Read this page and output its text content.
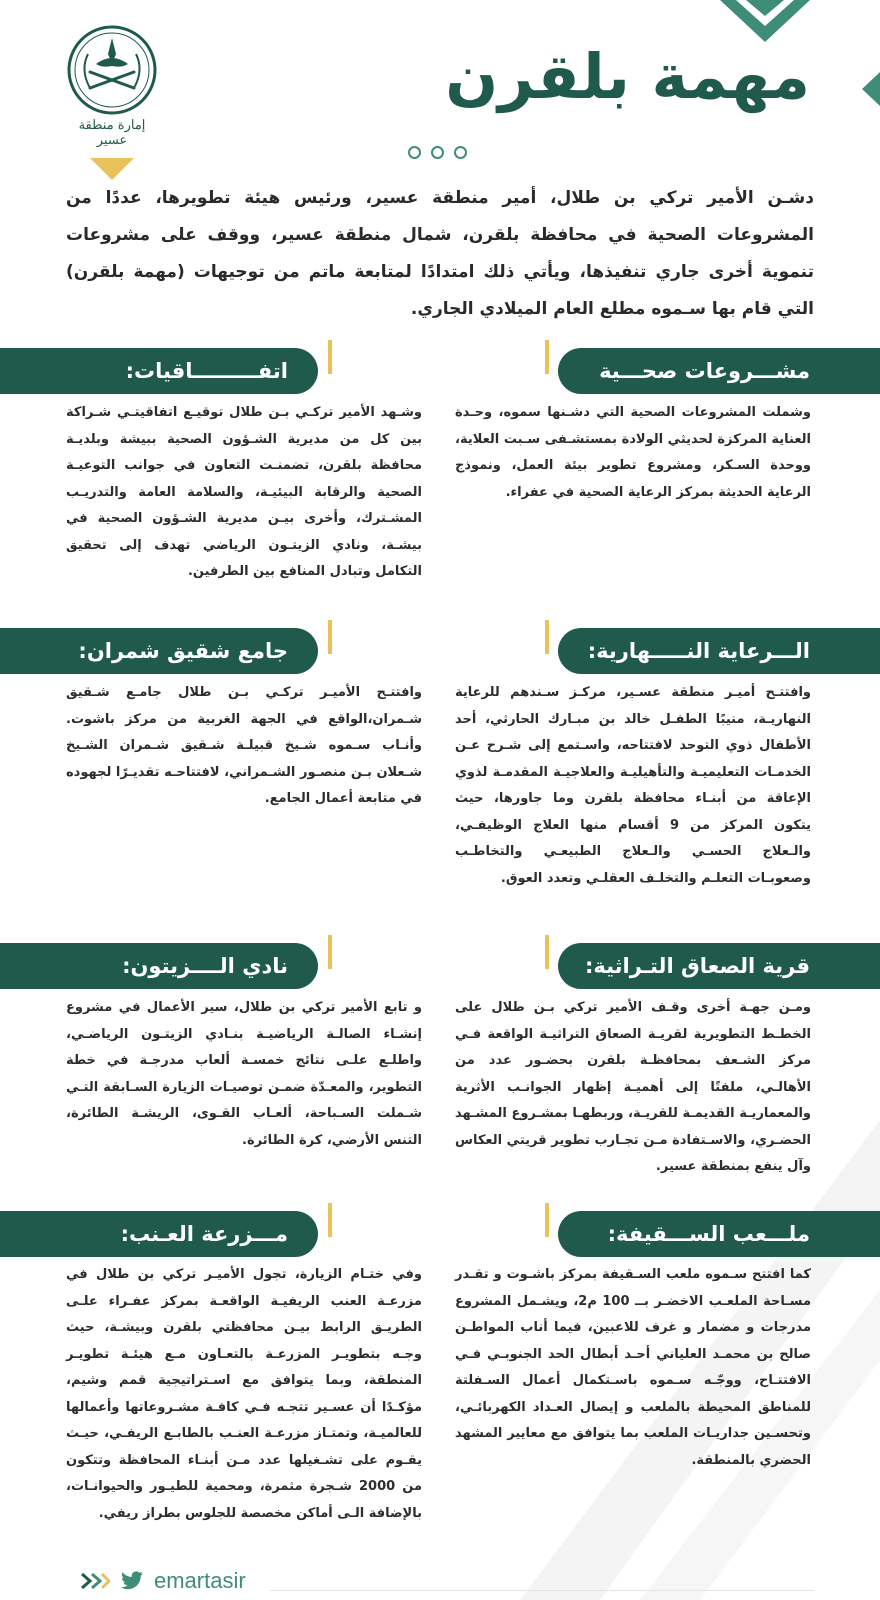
مهمة بلقرن
إمارة منطقة عسير

دشـن الأمير تركي بن طلال، أمير منطقة عسير، ورئيس هيئة تطويرها، عددًا من المشروعات الصحية في محافظة بلقرن، شمال منطقة عسير، ووقف على مشروعات تنموية أخرى جاري تنفيذها، ويأتي ذلك امتدادًا لمتابعة ماتم من توجيهات (مهمة بلقرن) التي قام بها سـموه مطلع العام الميلادي الجاري.

مشـــروعات صحـــية

وشملت المشروعات الصحية التي دشـنها سموه، وحـدة العناية المركزة لحديثي الولادة بمستشـفى سـبت العلاية، ووحدة السـكر، ومشروع تطوير بيئة العمل، ونموذج الرعاية الحديثة بمركز الرعاية الصحية في عفراء.

اتفـــــــــاقيات:

وشـهد الأمير تركـي بـن طلال توقيـع اتفاقيتـي شـراكة بين كل من مديرية الشـؤون الصحية ببيشة وبلديـة محافظة بلقرن، تضمنـت التعاون في جوانب التوعيـة الصحية والرقابة البيئيـة، والسلامة العامة والتدريـب المشـترك، وأخرى بيـن مديرية الشـؤون الصحية في بيشـة، ونادي الزيتـون الرياضي تهدف إلى تحقيق التكامل وتبادل المنافع بين الطرفين.

الـــرعاية النـــــهارية:

وافتتـح أميـر منطقة عسـير، مركـز سـندهم للرعاية النهاريـة، منيبًا الطفـل خالد بن مبـارك الحارثي، أحد الأطفال ذوي التوحد لافتتاحه، واسـتمع إلى شـرح عـن الخدمـات التعليميـة والتأهيليـة والعلاجيـة المقدمـة لذوي الإعاقة من أبنـاء محافظة بلقرن وما جاورها، حيث يتكون المركز من 9 أقسام منها العلاج الوظيفـي، والـعلاج الحسـي والـعلاج الطبيعـي والتخاطـب وصعوبـات التعلـم والتخلـف العقلـي وتعدد العوق.

جامع شقيق شمران:

وافتتـح الأميـر تركـي بـن طلال جامـع شـقيق شـمران،الواقع في الجهة الغربية من مركز باشوت. وأنـاب سـموه شـيخ قبيلـة شـقيق شـمران الشـيخ شـعلان بـن منصـور الشـمراني، لافتتاحـه تقديـرًا لجهوده في متابعة أعمال الجامع.

قرية الصعاق التـراثية:

ومـن جهـة أخرى وقـف الأمير تركي بـن طلال على الخطـط التطويرية لقريـة الصعاق التراثيـة الواقعة فـي مركز الشـعف بمحافظـة بلقرن بحضـور عدد من الأهالـي، ملفتًا إلى أهميـة إظهار الجوانـب الأثرية والمعماريـة القديمـة للقريـة، وربطهـا بمشـروع المشـهد الحضـري، والاسـتفادة مـن تجـارب تطوير قريتي العكاس وآل ينفع بمنطقة عسير.

نادي الــــزيتون:

و تابع الأمير تركي بن طلال، سير الأعمال في مشروع إنشـاء الصالـة الرياضيـة بنـادي الزيتـون الرياضـي، واطلـع علـى نتائج خمسـة ألعاب مدرجـة في خطة التطوير، والمعـدّة ضمـن توصيـات الزيارة السـابقة التـي شـملت السـباحة، ألعـاب القـوى، الريشـة الطائرة، التنس الأرضي، كرة الطائرة.

ملـــعب الســـقيفة:

كما افتتح سـموه ملعب السـقيفة بمركز باشـوت و تقـدر مسـاحة الملعـب الاخضـر بــ 100 م2، ويشـمل المشروع مدرجات و مضمار و غرف للاعبين، فيما أناب المواطـن صالح بن محمـد العلياني أحـد أبطال الحد الجنوبـي فـي الافتتـاح، ووجّـه سـموه باسـتكمال أعمال السـفلتة للمناطق المحيطة بالملعب و إيصال العـداد الكهربائـي، وتحسـين جداريـات الملعب بما يتوافق مع معايير المشهد الحضري بالمنطقة.

مـــزرعة العـنب:

وفي ختـام الزيارة، تجول الأميـر تركي بن طلال في مزرعـة العنب الريفيـة الواقعـة بمركز عفـراء علـى الطريـق الرابط بيـن محافظتي بلقرن وبيشـة، حيث وجـه بتطويـر المزرعـة بالتعـاون مـع هيئـة تطويـر المنطقة، وبما يتوافق مع اسـتراتيجية قمم وشيم، مؤكـدًا أن عسـير تتجـه فـي كافـة مشـروعاتها وأعمالها للعالميـة، وتمتـاز مزرعـة العنـب بالطابـع الريفـي، حيـث يقـوم على تشـغيلها عدد مـن أبنـاء المحافظة وتتكون من 2000 شـجرة مثمرة، ومحمية للطيـور والحيوانـات، بالإضافة الـى أماكن مخصصة للجلوس بطراز ريفي.

emartasir
